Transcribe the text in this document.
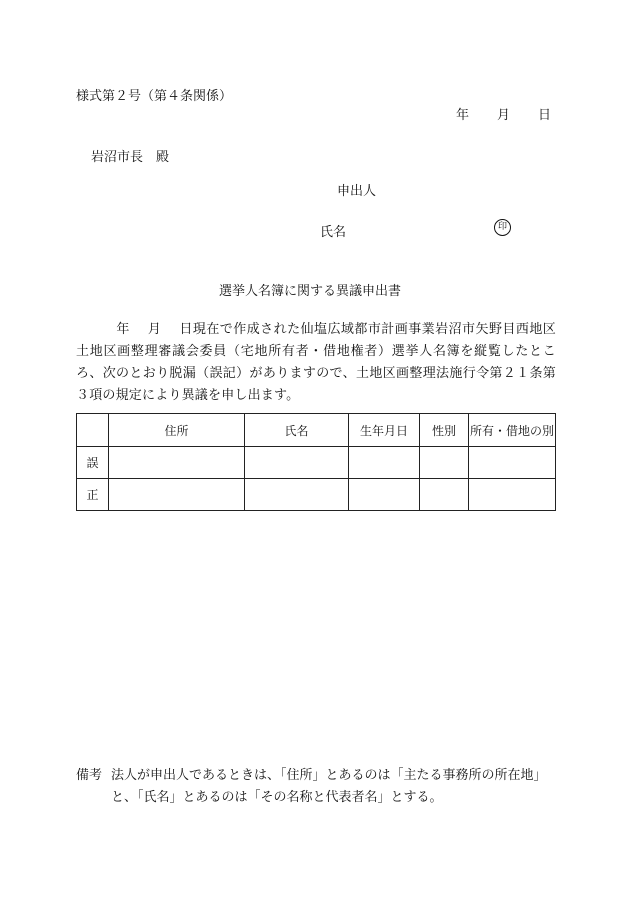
様式第２号（第４条関係）
年 月 日
岩沼市長　殿
申出人
氏名	印
選挙人名簿に関する異議申出書
　　　年　 月　 日現在で作成された仙塩広域都市計画事業岩沼市矢野目西地区土地区画整理審議会委員（宅地所有者・借地権者）選挙人名簿を縦覧したところ、次のとおり脱漏（誤記）がありますので、土地区画整理法施行令第２１条第３項の規定により異議を申し出ます。
	住所	氏名	生年月日	性別	所有・借地の別
誤					
正					
備考 法人が申出人であるときは、「住所」とあるのは「主たる事務所の所在地」と、「氏名」とあるのは「その名称と代表者名」とする。
